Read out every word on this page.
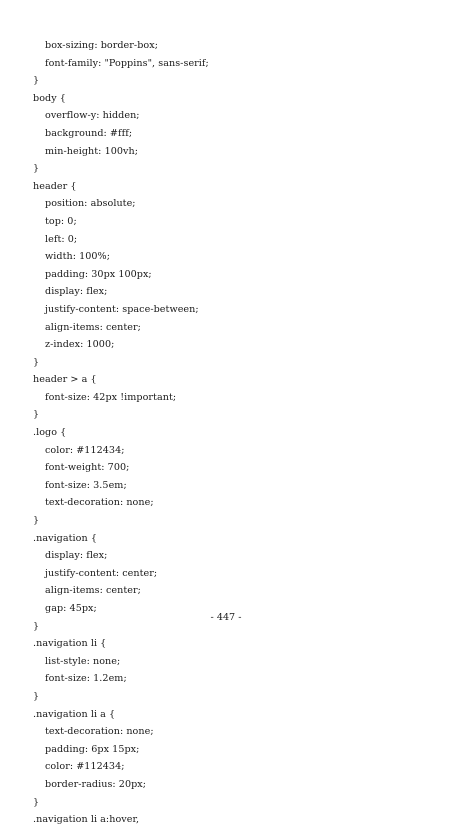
box-sizing: border-box;
font-family: "Poppins", sans-serif;
}
body {
overflow-y: hidden;
background: #fff;
min-height: 100vh;
}
header {
position: absolute;
top: 0;
left: 0;
width: 100%;
padding: 30px 100px;
display: flex;
justify-content: space-between;
align-items: center;
z-index: 1000;
}
header > a {
font-size: 42px !important;
}
.logo {
color: #112434;
font-weight: 700;
font-size: 3.5em;
text-decoration: none;
}
.navigation {
display: flex;
justify-content: center;
align-items: center;
gap: 45px;
}
.navigation li {
list-style: none;
font-size: 1.2em;
}
.navigation li a {
text-decoration: none;
padding: 6px 15px;
color: #112434;
border-radius: 20px;
}
.navigation li a:hover,
- 447 -
